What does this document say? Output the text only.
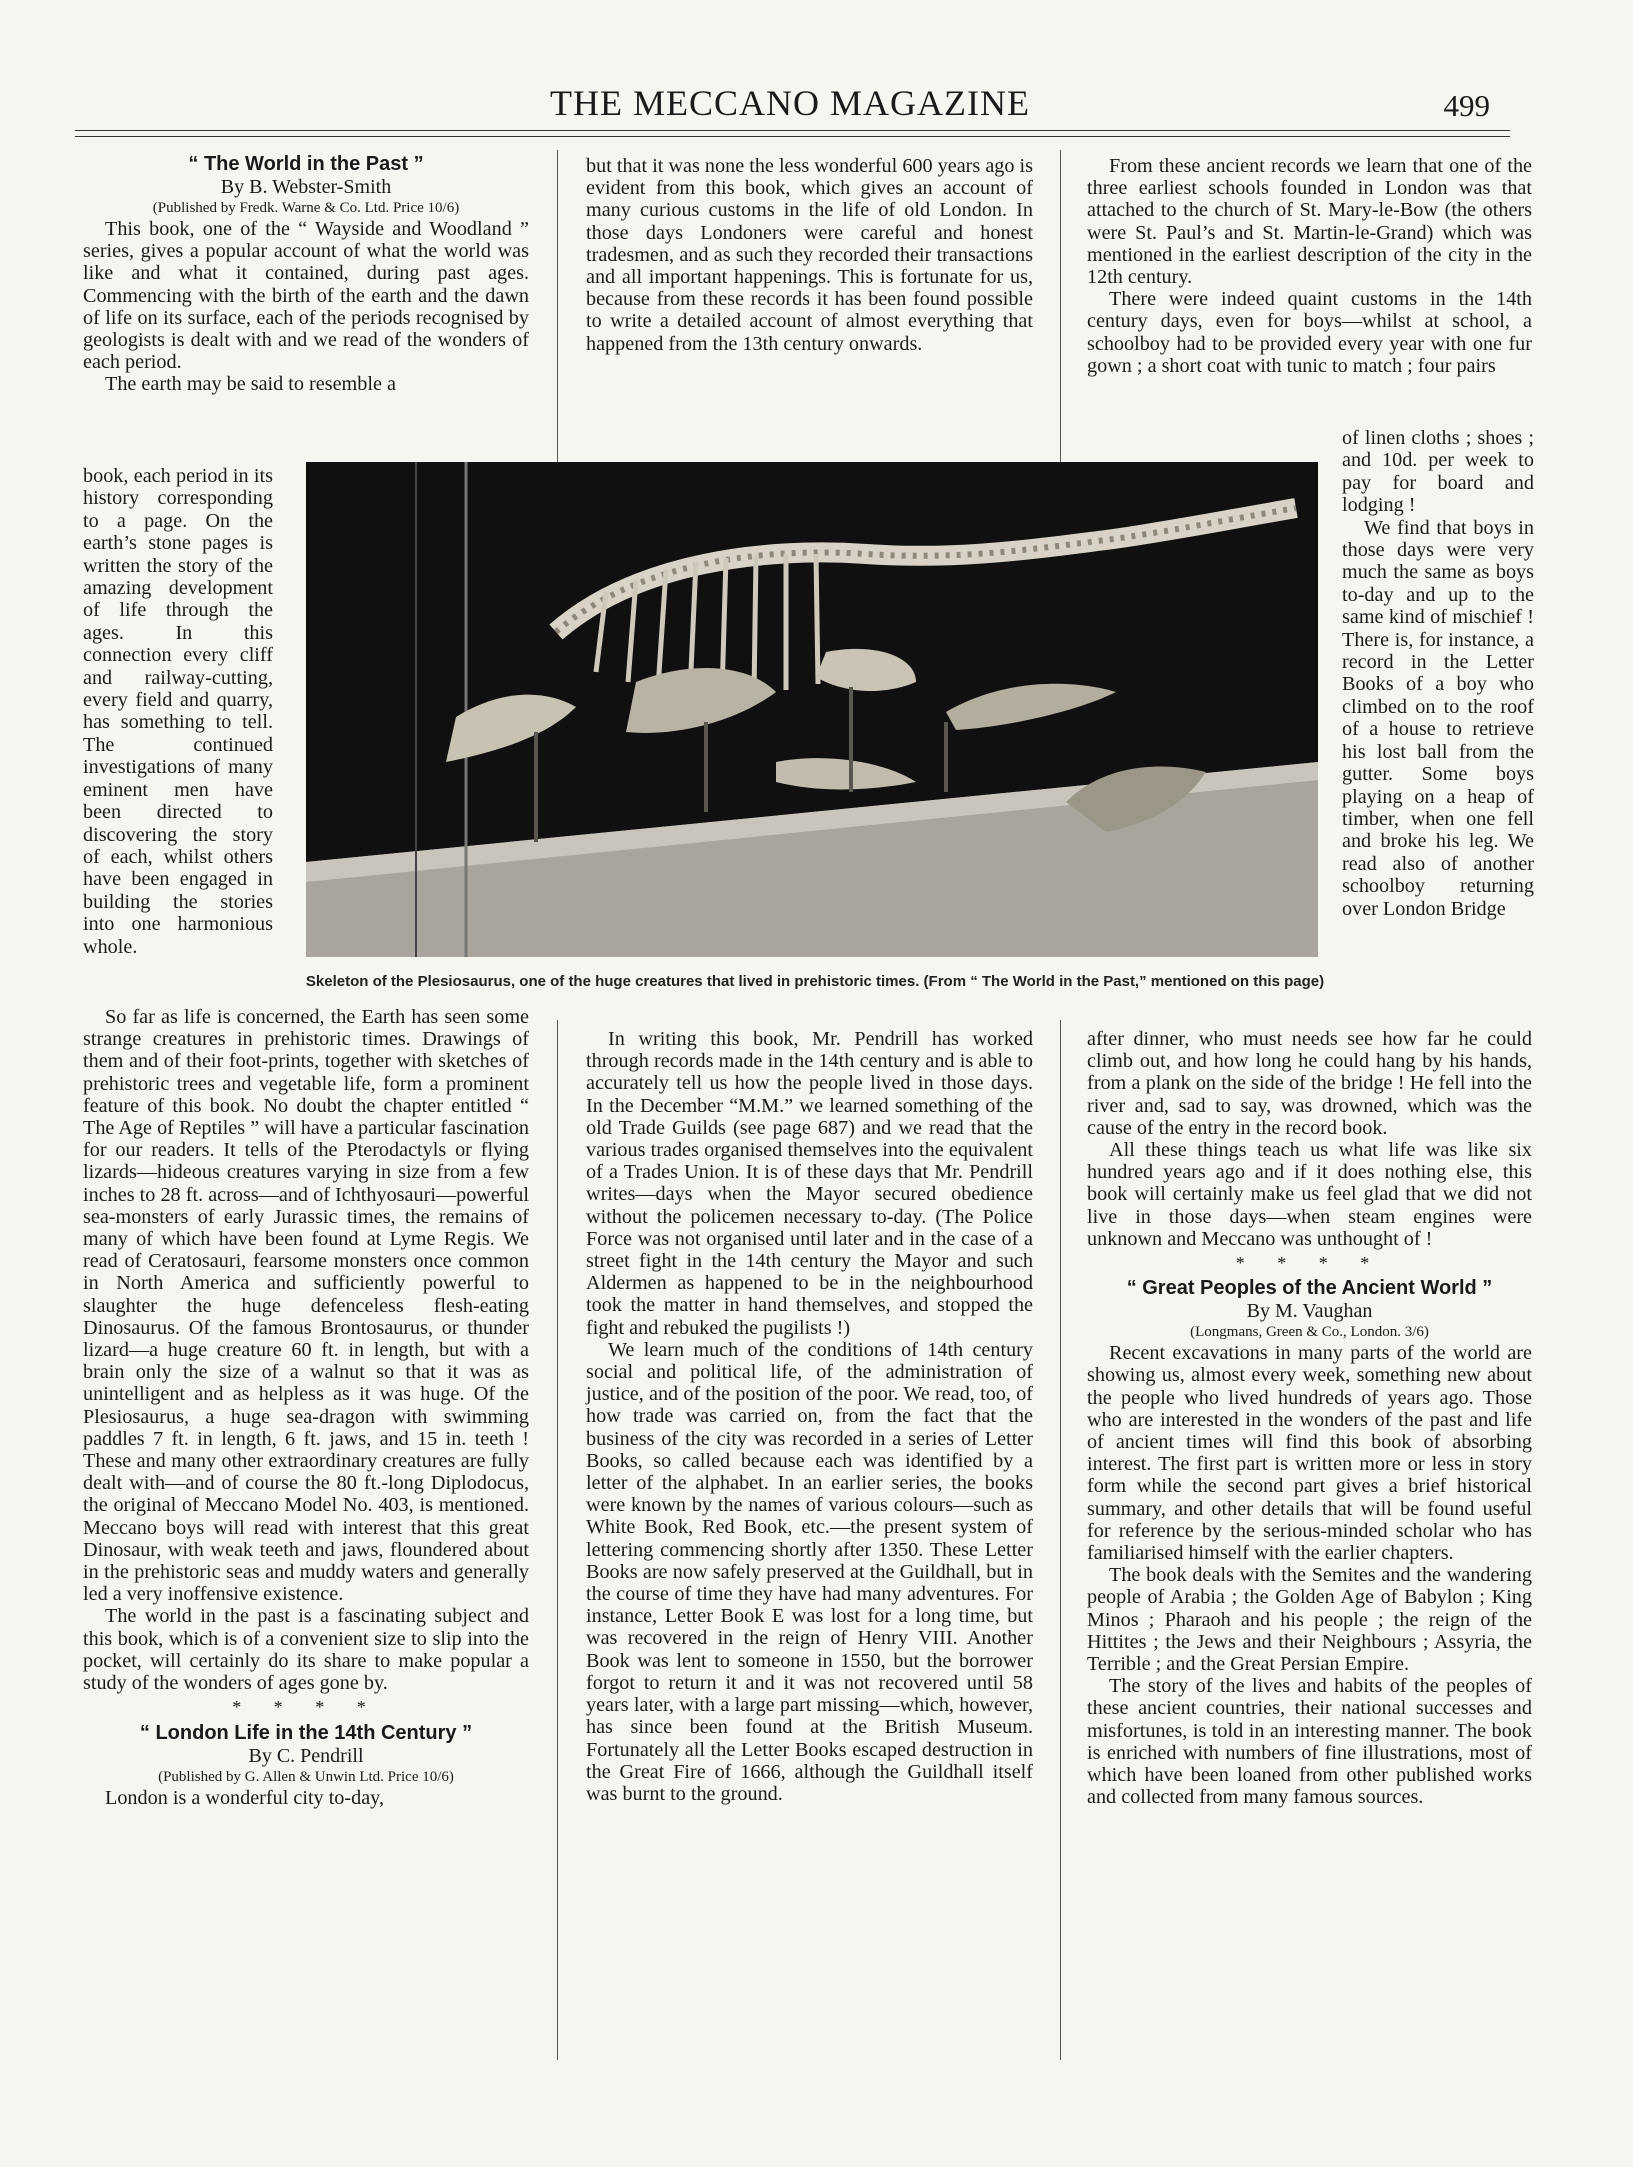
THE MECCANO MAGAZINE	499

“ The World in the Past ”

By B. Webster-Smith

(Published by Fredk. Warne & Co. Ltd. Price 10/6)

This book, one of the “ Wayside and Woodland ” series, gives a popular account of what the world was like and what it contained, during past ages. Commencing with the birth of the earth and the dawn of life on its surface, each of the periods recognised by geologists is dealt with and we read of the wonders of each period.

The earth may be said to resemble a

book, each period in its history corresponding to a page. On the earth’s stone pages is written the story of the amazing development of life through the ages. In this connection every cliff and railway-cutting, every field and quarry, has something to tell. The continued investigations of many eminent men have been directed to discovering the story of each, whilst others have been engaged in building the stories into one harmonious whole.

So far as life is concerned, the Earth has seen some strange creatures in prehistoric times. Drawings of them and of their foot-prints, together with sketches of prehistoric trees and vegetable life, form a prominent feature of this book. No doubt the chapter entitled “ The Age of Reptiles ” will have a particular fascination for our readers. It tells of the Pterodactyls or flying lizards—hideous creatures varying in size from a few inches to 28 ft. across—and of Ichthyosauri—powerful sea-monsters of early Jurassic times, the remains of many of which have been found at Lyme Regis. We read of Ceratosauri, fearsome monsters once common in North America and sufficiently powerful to slaughter the huge defenceless flesh-eating Dinosaurus. Of the famous Brontosaurus, or thunder lizard—a huge creature 60 ft. in length, but with a brain only the size of a walnut so that it was as unintelligent and as helpless as it was huge. Of the Plesiosaurus, a huge sea-dragon with swimming paddles 7 ft. in length, 6 ft. jaws, and 15 in. teeth ! These and many other extraordinary creatures are fully dealt with—and of course the 80 ft.-long Diplodocus, the original of Meccano Model No. 403, is mentioned. Meccano boys will read with interest that this great Dinosaur, with weak teeth and jaws, floundered about in the prehistoric seas and muddy waters and generally led a very inoffensive existence.

The world in the past is a fascinating subject and this book, which is of a convenient size to slip into the pocket, will certainly do its share to make popular a study of the wonders of ages gone by.

* * * *

“ London Life in the 14th Century ”

By C. Pendrill

(Published by G. Allen & Unwin Ltd. Price 10/6)

London is a wonderful city to-day,

but that it was none the less wonderful 600 years ago is evident from this book, which gives an account of many curious customs in the life of old London. In those days Londoners were careful and honest tradesmen, and as such they recorded their transactions and all important happenings. This is fortunate for us, because from these records it has been found possible to write a detailed account of almost everything that happened from the 13th century onwards.

From these ancient records we learn that one of the three earliest schools founded in London was that attached to the church of St. Mary-le-Bow (the others were St. Paul’s and St. Martin-le-Grand) which was mentioned in the earliest description of the city in the 12th century.

There were indeed quaint customs in the 14th century days, even for boys—whilst at school, a schoolboy had to be provided every year with one fur gown ; a short coat with tunic to match ; four pairs

of linen cloths ; shoes ; and 10d. per week to pay for board and lodging !

We find that boys in those days were very much the same as boys to-day and up to the same kind of mischief ! There is, for instance, a record in the Letter Books of a boy who climbed on to the roof of a house to retrieve his lost ball from the gutter. Some boys playing on a heap of timber, when one fell and broke his leg. We read also of another schoolboy returning over London Bridge

Skeleton of the Plesiosaurus, one of the huge creatures that lived in prehistoric times. (From “ The World in the Past,” mentioned on this page)

In writing this book, Mr. Pendrill has worked through records made in the 14th century and is able to accurately tell us how the people lived in those days. In the December “M.M.” we learned something of the old Trade Guilds (see page 687) and we read that the various trades organised themselves into the equivalent of a Trades Union. It is of these days that Mr. Pendrill writes—days when the Mayor secured obedience without the policemen necessary to-day. (The Police Force was not organised until later and in the case of a street fight in the 14th century the Mayor and such Aldermen as happened to be in the neighbourhood took the matter in hand themselves, and stopped the fight and rebuked the pugilists !)

We learn much of the conditions of 14th century social and political life, of the administration of justice, and of the position of the poor. We read, too, of how trade was carried on, from the fact that the business of the city was recorded in a series of Letter Books, so called because each was identified by a letter of the alphabet. In an earlier series, the books were known by the names of various colours—such as White Book, Red Book, etc.—the present system of lettering commencing shortly after 1350. These Letter Books are now safely preserved at the Guildhall, but in the course of time they have had many adventures. For instance, Letter Book E was lost for a long time, but was recovered in the reign of Henry VIII. Another Book was lent to someone in 1550, but the borrower forgot to return it and it was not recovered until 58 years later, with a large part missing—which, however, has since been found at the British Museum. Fortunately all the Letter Books escaped destruction in the Great Fire of 1666, although the Guildhall itself was burnt to the ground.

after dinner, who must needs see how far he could climb out, and how long he could hang by his hands, from a plank on the side of the bridge ! He fell into the river and, sad to say, was drowned, which was the cause of the entry in the record book.

All these things teach us what life was like six hundred years ago and if it does nothing else, this book will certainly make us feel glad that we did not live in those days—when steam engines were unknown and Meccano was unthought of !

* * * *

“ Great Peoples of the Ancient World ”

By M. Vaughan

(Longmans, Green & Co., London. 3/6)

Recent excavations in many parts of the world are showing us, almost every week, something new about the people who lived hundreds of years ago. Those who are interested in the wonders of the past and life of ancient times will find this book of absorbing interest. The first part is written more or less in story form while the second part gives a brief historical summary, and other details that will be found useful for reference by the serious-minded scholar who has familiarised himself with the earlier chapters.

The book deals with the Semites and the wandering people of Arabia ; the Golden Age of Babylon ; King Minos ; Pharaoh and his people ; the reign of the Hittites ; the Jews and their Neighbours ; Assyria, the Terrible ; and the Great Persian Empire.

The story of the lives and habits of the peoples of these ancient countries, their national successes and misfortunes, is told in an interesting manner. The book is enriched with numbers of fine illustrations, most of which have been loaned from other published works and collected from many famous sources.
